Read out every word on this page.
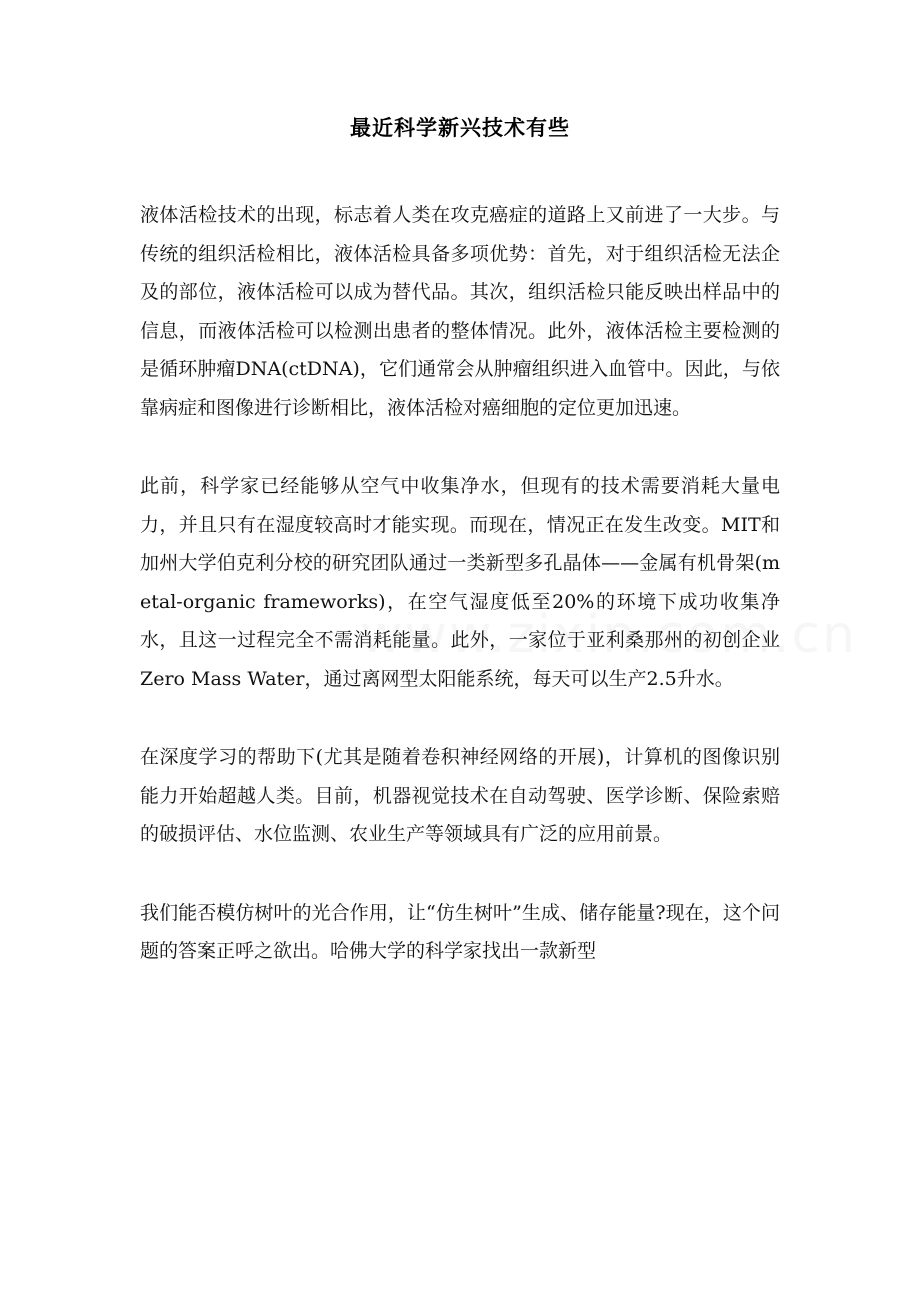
最近科学新兴技术有些

液体活检技术的出现，标志着人类在攻克癌症的道路上又前进了一大步。与传统的组织活检相比，液体活检具备多项优势：首先，对于组织活检无法企及的部位，液体活检可以成为替代品。其次，组织活检只能反映出样品中的信息，而液体活检可以检测出患者的整体情况。此外，液体活检主要检测的是循环肿瘤DNA(ctDNA)，它们通常会从肿瘤组织进入血管中。因此，与依靠病症和图像进行诊断相比，液体活检对癌细胞的定位更加迅速。

此前，科学家已经能够从空气中收集净水，但现有的技术需要消耗大量电力，并且只有在湿度较高时才能实现。而现在，情况正在发生改变。MIT和加州大学伯克利分校的研究团队通过一类新型多孔晶体——金属有机骨架(metal-organic frameworks)，在空气湿度低至20%的环境下成功收集净水，且这一过程完全不需消耗能量。此外，一家位于亚利桑那州的初创企业Zero Mass Water，通过离网型太阳能系统，每天可以生产2.5升水。

在深度学习的帮助下(尤其是随着卷积神经网络的开展)，计算机的图像识别能力开始超越人类。目前，机器视觉技术在自动驾驶、医学诊断、保险索赔的破损评估、水位监测、农业生产等领域具有广泛的应用前景。

我们能否模仿树叶的光合作用，让“仿生树叶”生成、储存能量?现在，这个问题的答案正呼之欲出。哈佛大学的科学家找出一款新型
